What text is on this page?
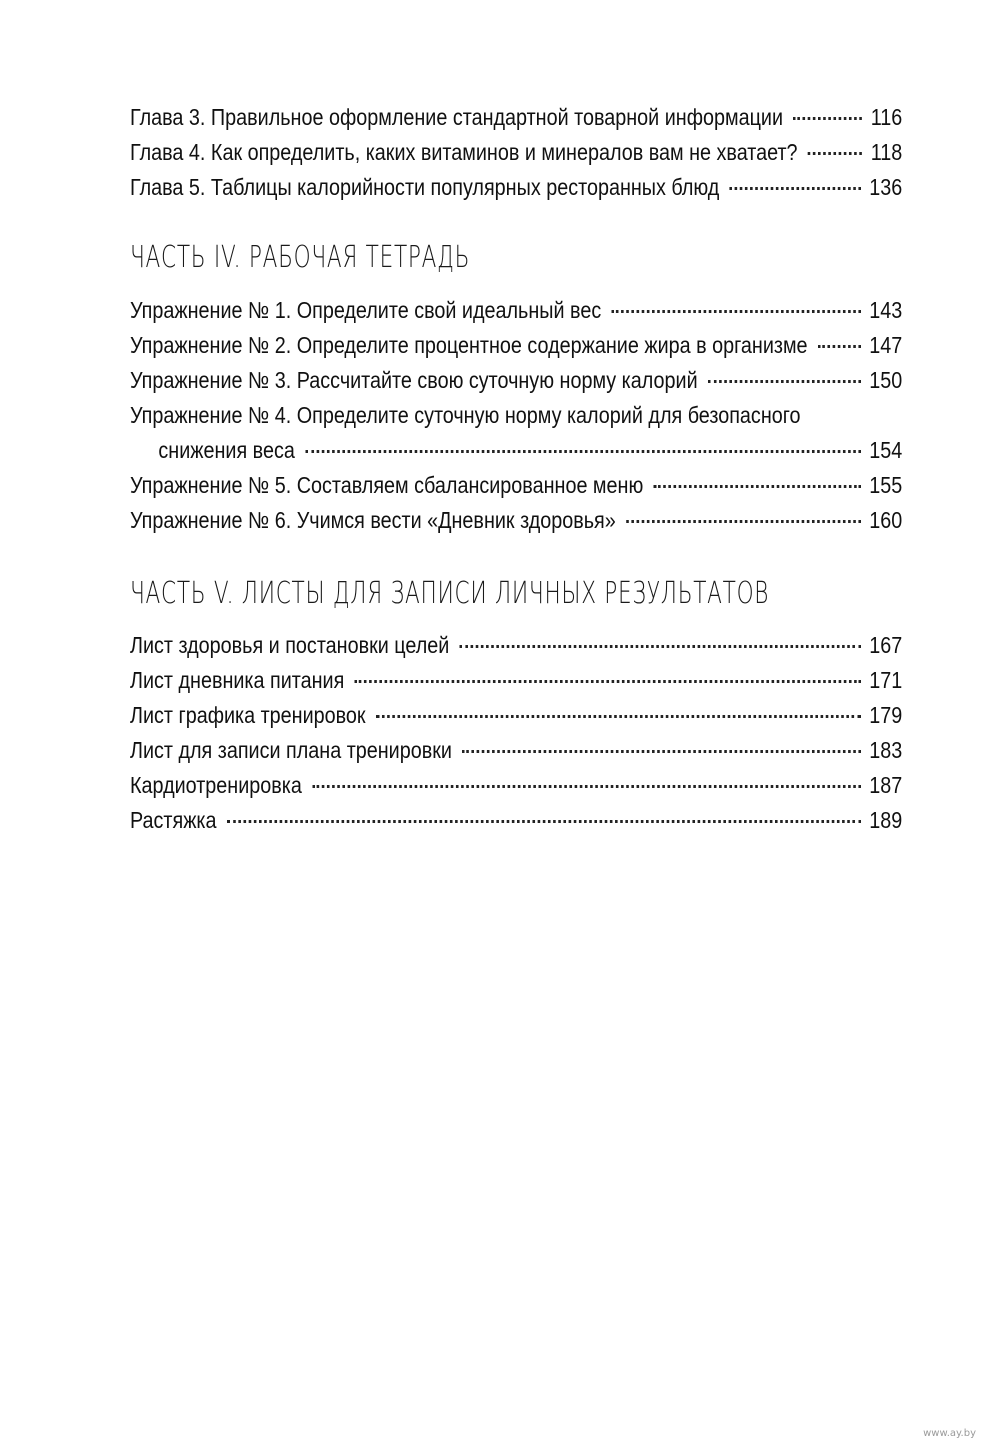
Глава 3. Правильное оформление стандартной товарной информации	116
Глава 4. Как определить, каких витаминов и минералов вам не хватает?	118
Глава 5. Таблицы калорийности популярных ресторанных блюд	136
ЧАСТЬ IV. РАБОЧАЯ ТЕТРАДЬ
Упражнение № 1. Определите свой идеальный вес	143
Упражнение № 2. Определите процентное содержание жира в организме	147
Упражнение № 3. Рассчитайте свою суточную норму калорий	150
Упражнение № 4. Определите суточную норму калорий для безопасного
снижения веса	154
Упражнение № 5. Составляем сбалансированное меню	155
Упражнение № 6. Учимся вести «Дневник здоровья»	160
ЧАСТЬ V. ЛИСТЫ ДЛЯ ЗАПИСИ ЛИЧНЫХ РЕЗУЛЬТАТОВ
Лист здоровья и постановки целей	167
Лист дневника питания	171
Лист графика тренировок	179
Лист для записи плана тренировки	183
Кардиотренировка	187
Растяжка	189
www.ay.by
